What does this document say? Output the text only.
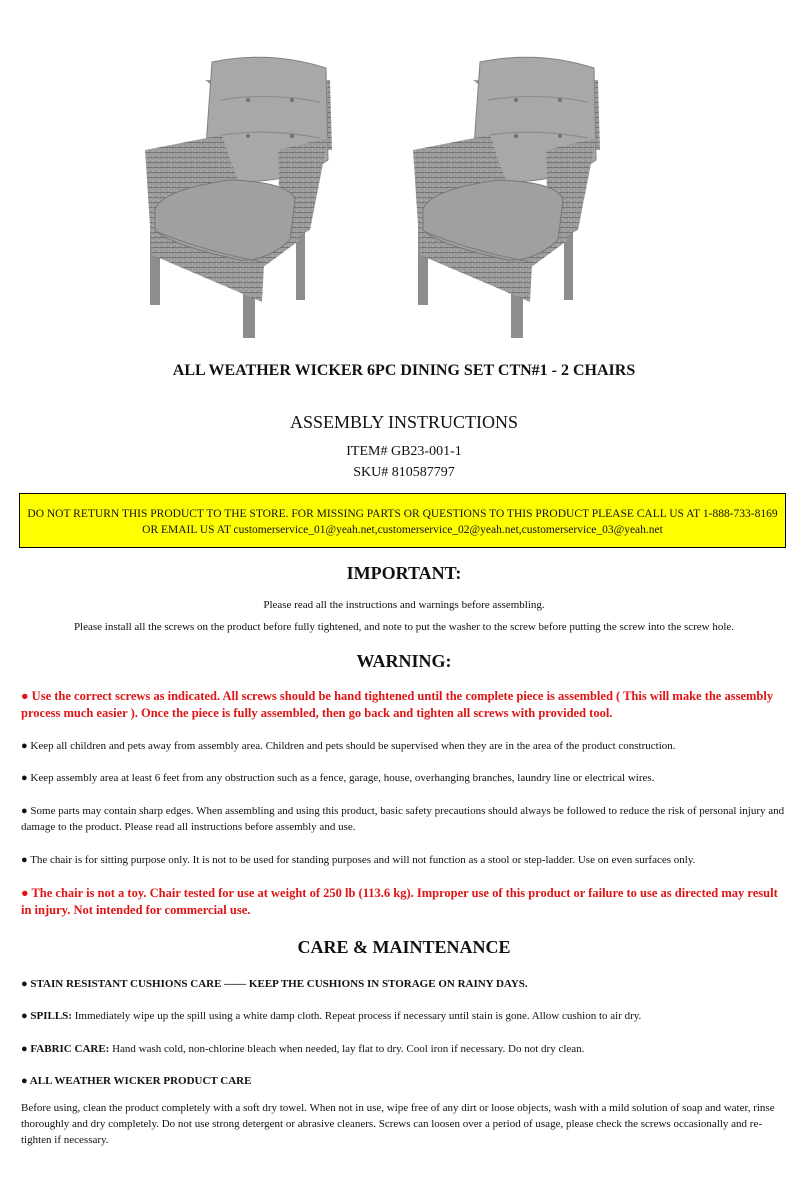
ALL WEATHER WICKER 6PC DINING SET CTN#1 - 2 CHAIRS
ASSEMBLY INSTRUCTIONS
ITEM# GB23-001-1
SKU# 810587797
DO NOT RETURN THIS PRODUCT TO THE STORE. FOR MISSING PARTS OR QUESTIONS TO THIS PRODUCT PLEASE CALL US AT 1-888-733-8169
OR EMAIL US AT customerservice_01@yeah.net,customerservice_02@yeah.net,customerservice_03@yeah.net
IMPORTANT:
Please read all the instructions and warnings before assembling.
Please install all the screws on the product before fully tightened, and note to put the washer to the screw before putting the screw into the screw hole.
WARNING:
● Use the correct screws as indicated. All screws should be hand tightened until the complete piece is assembled ( This will make the assembly process much easier ). Once the piece is fully assembled, then go back and tighten all screws with provided tool.
● Keep all children and pets away from assembly area. Children and pets should be supervised when they are in the area of the product construction.
● Keep assembly area at least 6 feet from any obstruction such as a fence, garage, house, overhanging branches, laundry line or electrical wires.
● Some parts may contain sharp edges. When assembling and using this product, basic safety precautions should always be followed to reduce the risk of personal injury and damage to the product. Please read all instructions before assembly and use.
● The chair is for sitting purpose only. It is not to be used for standing purposes and will not function as a stool or step-ladder. Use on even surfaces only.
● The chair is not a toy. Chair tested for use at weight of 250 lb (113.6 kg). Improper use of this product or failure to use as directed may result in injury. Not intended for commercial use.
CARE & MAINTENANCE
● STAIN RESISTANT CUSHIONS CARE —— KEEP THE CUSHIONS IN STORAGE ON RAINY DAYS.
● SPILLS: Immediately wipe up the spill using a white damp cloth. Repeat process if necessary until stain is gone. Allow cushion to air dry.
● FABRIC CARE: Hand wash cold, non-chlorine bleach when needed, lay flat to dry. Cool iron if necessary. Do not dry clean.
● ALL WEATHER WICKER PRODUCT CARE
Before using, clean the product completely with a soft dry towel. When not in use, wipe free of any dirt or loose objects, wash with a mild solution of soap and water, rinse thoroughly and dry completely. Do not use strong detergent or abrasive cleaners. Screws can loosen over a period of usage, please check the screws occasionally and re-tighten if necessary.
